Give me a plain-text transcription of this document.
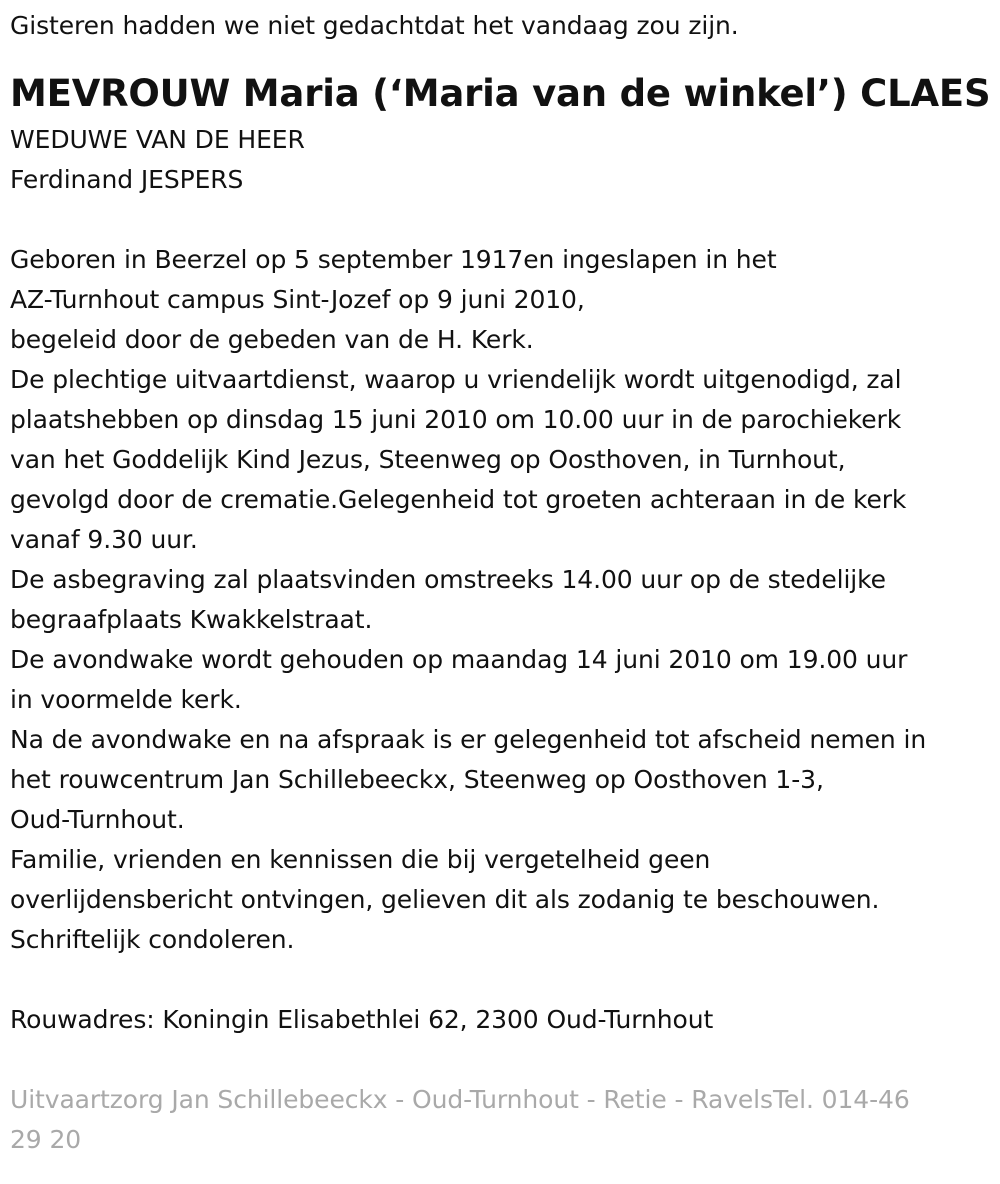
Gisteren hadden we niet gedachtdat het vandaag zou zijn.
MEVROUW Maria (‘Maria van de winkel’) CLAES
WEDUWE VAN DE HEER
Ferdinand JESPERS
Geboren in Beerzel op 5 september 1917en ingeslapen in het
AZ-Turnhout campus Sint-Jozef op 9 juni 2010,
begeleid door de gebeden van de H. Kerk.
De plechtige uitvaartdienst, waarop u vriendelijk wordt uitgenodigd, zal
plaatshebben op dinsdag 15 juni 2010 om 10.00 uur in de parochiekerk
van het Goddelijk Kind Jezus, Steenweg op Oosthoven, in Turnhout,
gevolgd door de crematie.Gelegenheid tot groeten achteraan in de kerk
vanaf 9.30 uur.
De asbegraving zal plaatsvinden omstreeks 14.00 uur op de stedelijke
begraafplaats Kwakkelstraat.
De avondwake wordt gehouden op maandag 14 juni 2010 om 19.00 uur
in voormelde kerk.
Na de avondwake en na afspraak is er gelegenheid tot afscheid nemen in
het rouwcentrum Jan Schillebeeckx, Steenweg op Oosthoven 1-3,
Oud-Turnhout.
Familie, vrienden en kennissen die bij vergetelheid geen
overlijdensbericht ontvingen, gelieven dit als zodanig te beschouwen.
Schriftelijk condoleren.
Rouwadres: Koningin Elisabethlei 62, 2300 Oud-Turnhout
Uitvaartzorg Jan Schillebeeckx - Oud-Turnhout - Retie - RavelsTel. 014-46
29 20
